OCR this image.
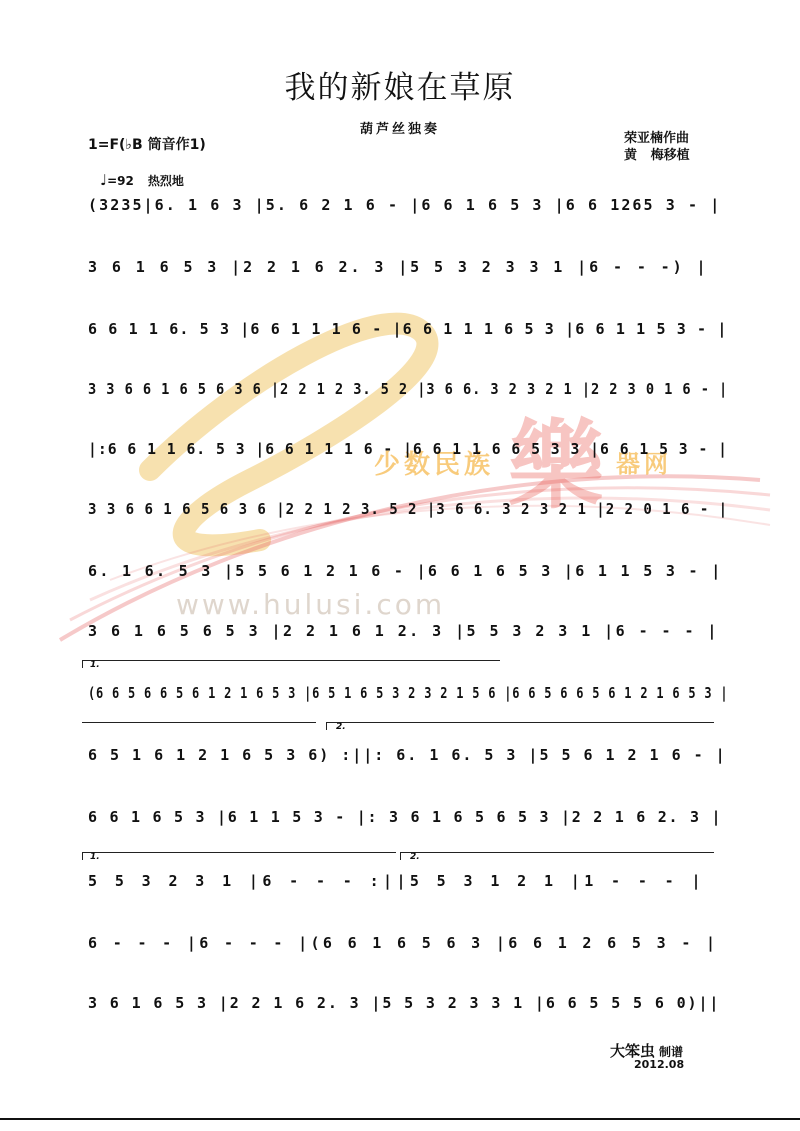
少数民族 樂 器网
www.hulusi.com
我的新娘在草原
葫芦丝独奏
1=F(♭B 筒音作1)	荣亚楠作曲
黄   梅移植
♩=92 热烈地
(3235|6. 1 6 3 |5. 6 2 1 6 - |6 6 1 6 5 3 |6 6 1265 3 - |
3 6 1 6 5 3 |2 2 1 6 2. 3 |5 5 3 2 3 3 1 |6 - - -) |
6 6 1 1 6. 5 3 |6 6 1 1 1 6 - |6 6 1 1 1 6 5 3 |6 6 1 1 5 3 - |
3 3 6 6 1 6 5 6 3 6 |2 2 1 2 3. 5 2 |3 6 6. 3 2 3 2 1 |2 2 3 0 1 6 - |
|:6 6 1 1 6. 5 3 |6 6 1 1 1 6 - |6 6 1 1 6 6 5 3 3 |6 6 1 5 3 - |
3 3 6 6 1 6 5 6 3 6 |2 2 1 2 3. 5 2 |3 6 6. 3 2 3 2 1 |2 2 0 1 6 - |
6. 1 6. 5 3 |5 5 6 1 2 1 6 - |6 6 1 6 5 3 |6 1 1 5 3 - |
3 6 1 6 5 6 5 3 |2 2 1 6 1 2. 3 |5 5 3 2 3 1 |6 - - - |
1.
(6 6 5 6 6 5 6 1 2 1 6 5 3 |6 5 1 6 5 3 2 3 2 1 5 6 |6 6 5 6 6 5 6 1 2 1 6 5 3 |
2.
6 5 1 6 1 2 1 6 5 3 6) :||: 6. 1 6. 5 3 |5 5 6 1 2 1 6 - |
6 6 1 6 5 3 |6 1 1 5 3 - |: 3 6 1 6 5 6 5 3 |2 2 1 6 2. 3 |
1.	2.
5 5 3 2 3 1 |6 - - - :||5 5 3 1 2 1 |1 - - - |
6 - - - |6 - - - |(6 6 1 6 5 6 3 |6 6 1 2 6 5 3 - |
3 6 1 6 5 3 |2 2 1 6 2. 3 |5 5 3 2 3 3 1 |6 6 5 5 5 6 0)||
大笨虫 制谱
2012.08
